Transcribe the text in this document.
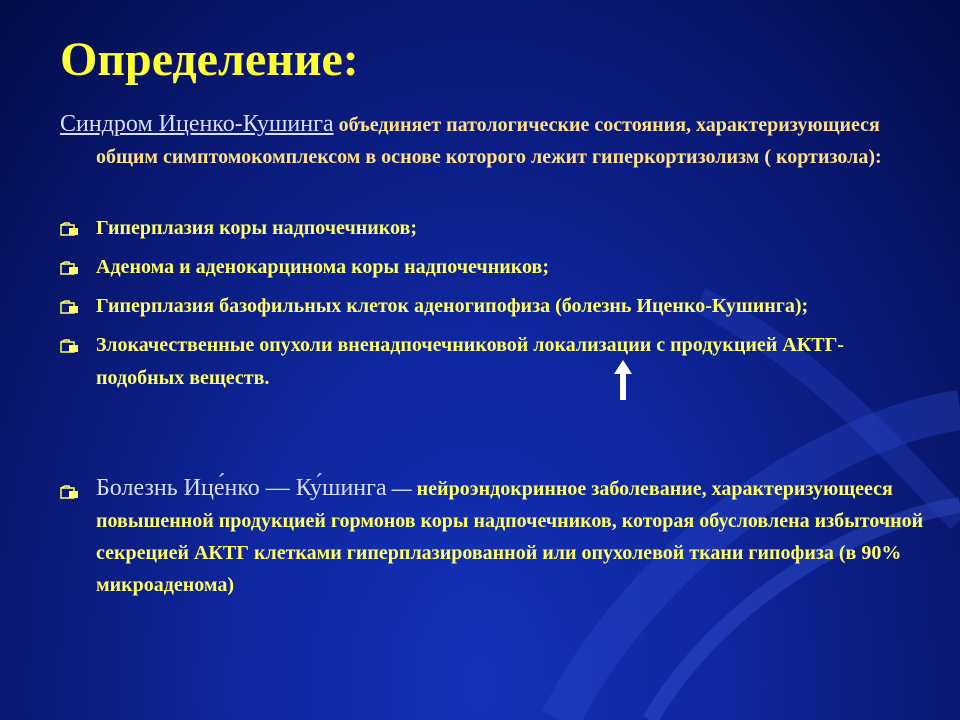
Определение:
Синдром Иценко-Кушинга объединяет патологические состояния, характеризующиеся общим симптомокомплексом в основе которого лежит гиперкортизолизм ( кортизола):
Гиперплазия коры надпочечников;
Аденома и аденокарцинома коры надпочечников;
Гиперплазия базофильных клеток аденогипофиза (болезнь Иценко-Кушинга);
Злокачественные опухоли вненадпочечниковой локализации с продукцией АКТГ-подобных веществ.
Болезнь Ице́нко — Ку́шинга — нейроэндокринное заболевание, характеризующееся повышенной продукцией гормонов коры надпочечников, которая обусловлена избыточной секрецией АКТГ клетками гиперплазированной или опухолевой ткани гипофиза (в 90% микроаденома)
